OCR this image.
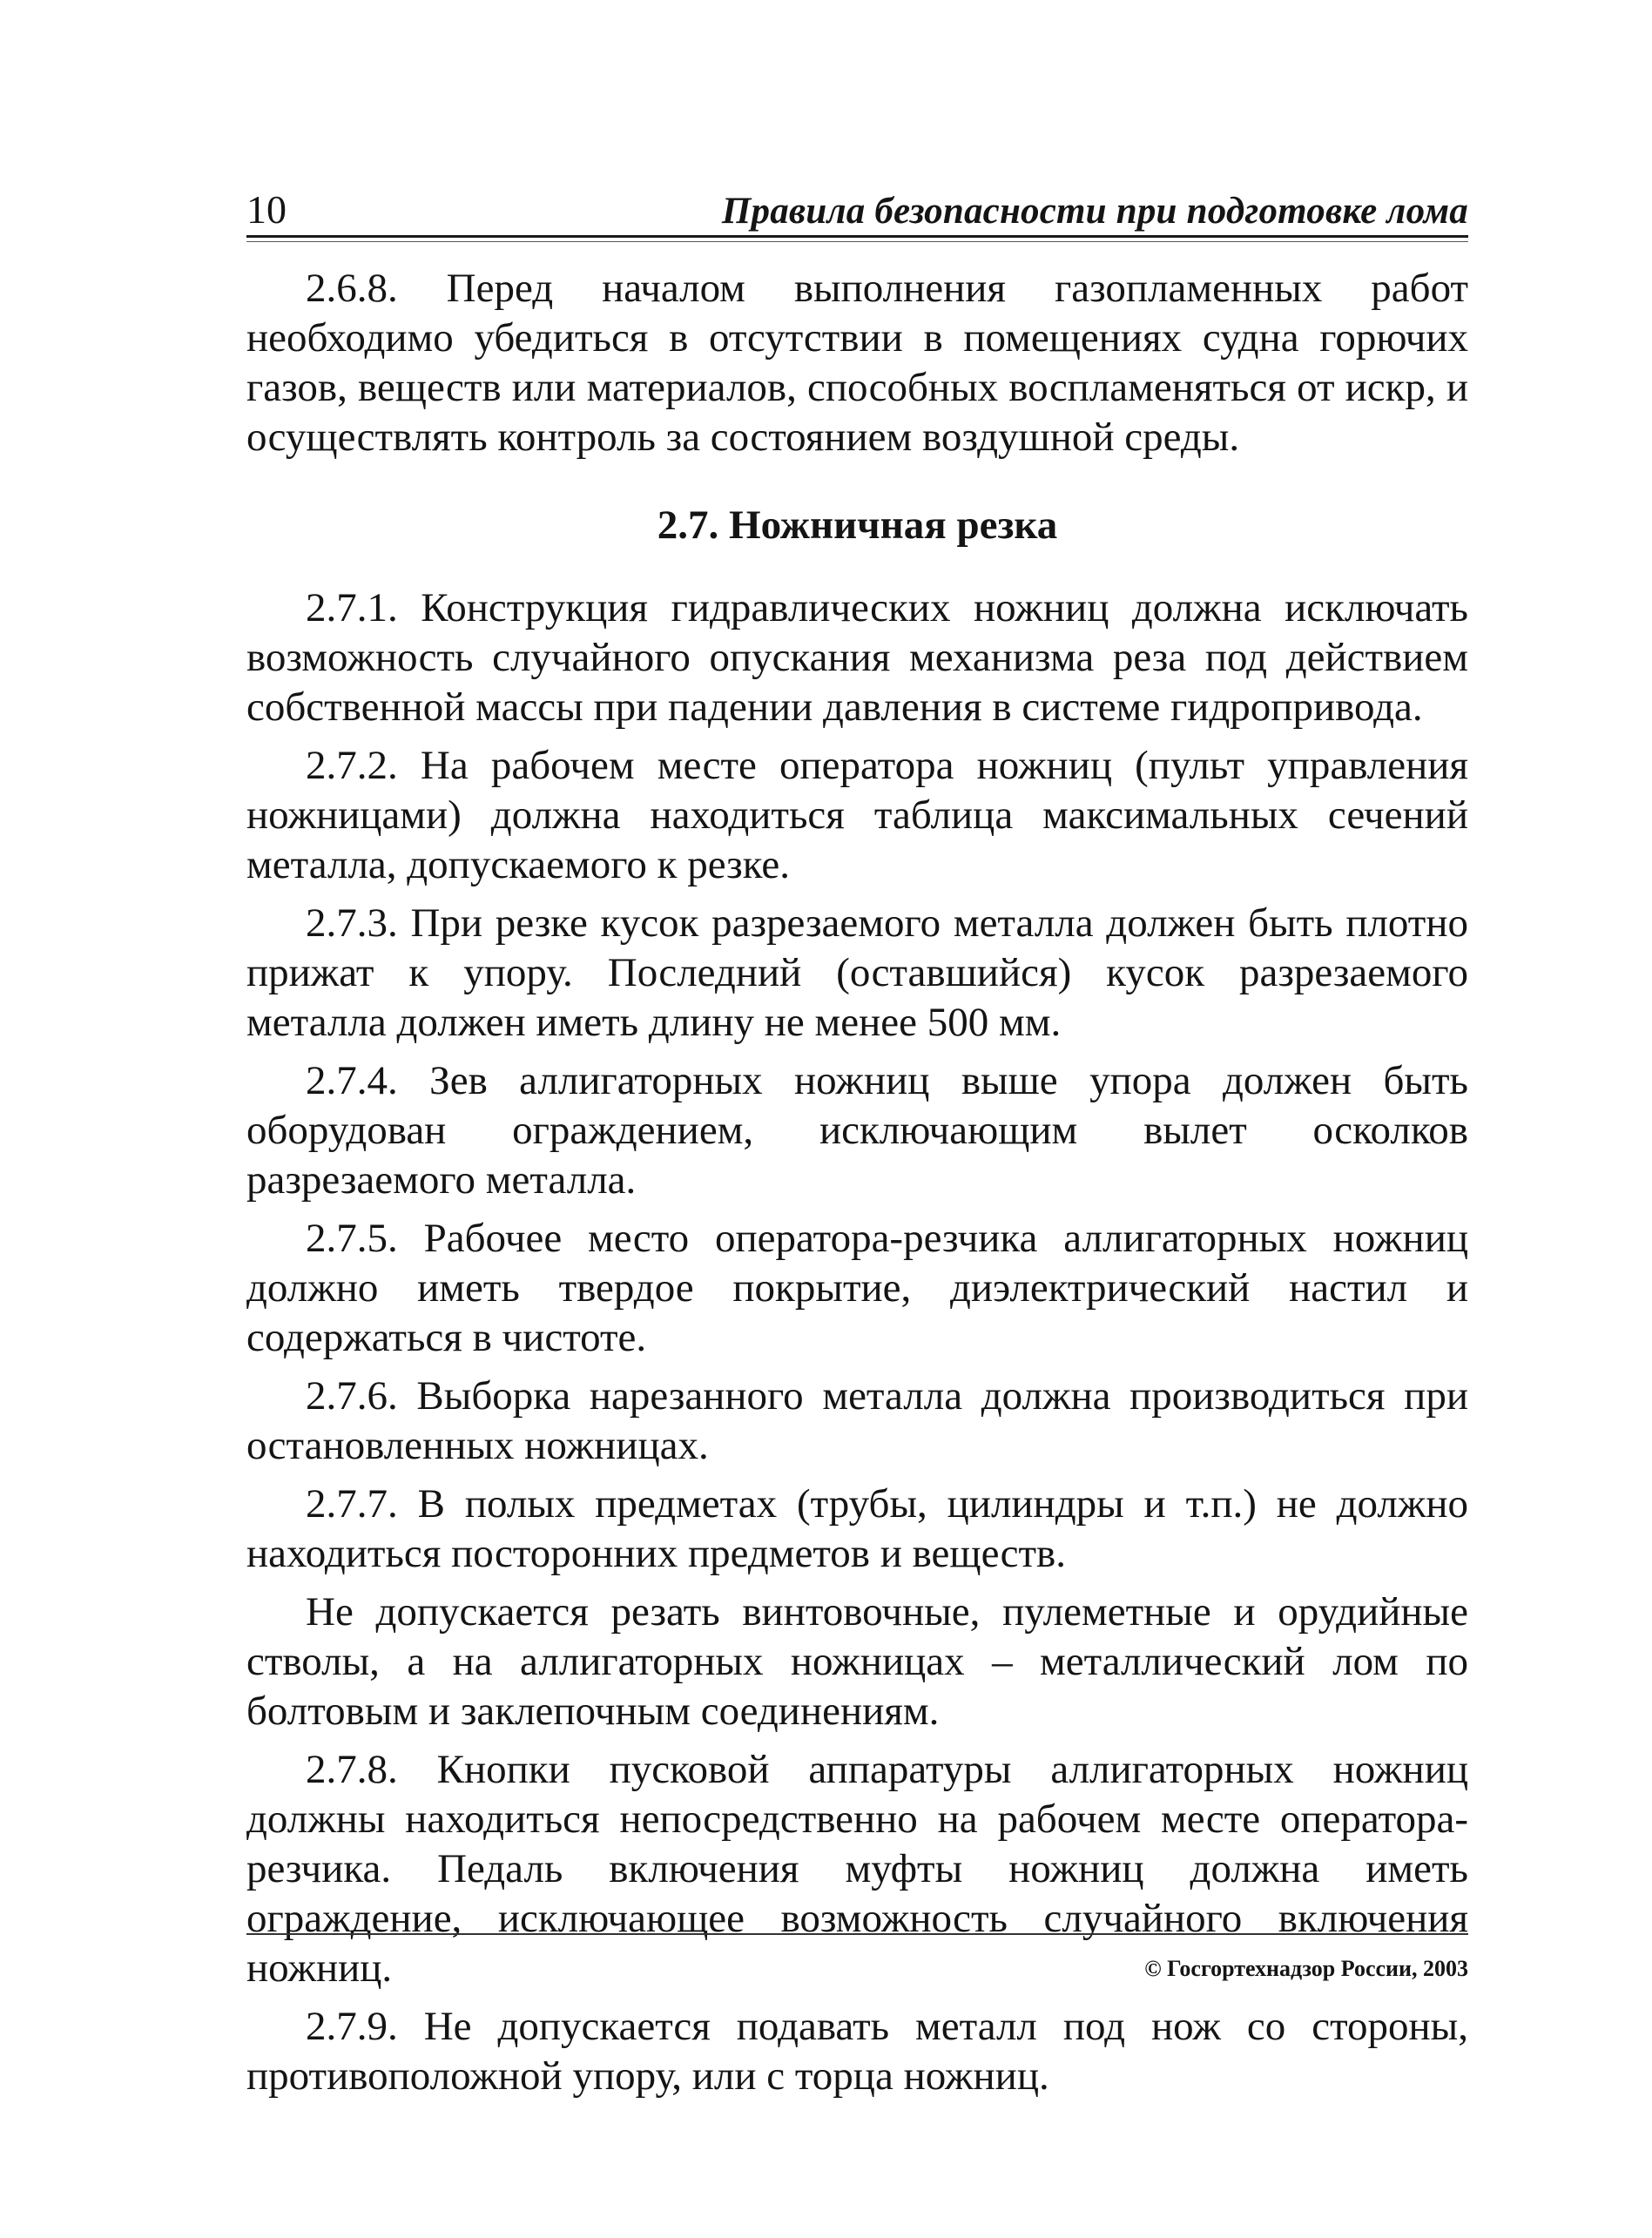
10	Правила безопасности при подготовке лома

2.6.8. Перед началом выполнения газопламенных работ необходимо убедиться в отсутствии в помещениях судна горючих газов, веществ или материалов, способных воспламеняться от искр, и осуществлять контроль за состоянием воздушной среды.

2.7. Ножничная резка

2.7.1. Конструкция гидравлических ножниц должна исключать возможность случайного опускания механизма реза под действием собственной массы при падении давления в системе гидропривода.

2.7.2. На рабочем месте оператора ножниц (пульт управления ножницами) должна находиться таблица максимальных сечений металла, допускаемого к резке.

2.7.3. При резке кусок разрезаемого металла должен быть плотно прижат к упору. Последний (оставшийся) кусок разрезаемого металла должен иметь длину не менее 500 мм.

2.7.4. Зев аллигаторных ножниц выше упора должен быть оборудован ограждением, исключающим вылет осколков разрезаемого металла.

2.7.5. Рабочее место оператора-резчика аллигаторных ножниц должно иметь твердое покрытие, диэлектрический настил и содержаться в чистоте.

2.7.6. Выборка нарезанного металла должна производиться при остановленных ножницах.

2.7.7. В полых предметах (трубы, цилиндры и т.п.) не должно находиться посторонних предметов и веществ.

Не допускается резать винтовочные, пулеметные и орудийные стволы, а на аллигаторных ножницах – металлический лом по болтовым и заклепочным соединениям.

2.7.8. Кнопки пусковой аппаратуры аллигаторных ножниц должны находиться непосредственно на рабочем месте оператора-резчика. Педаль включения муфты ножниц должна иметь ограждение, исключающее возможность случайного включения ножниц.

2.7.9. Не допускается подавать металл под нож со стороны, противоположной упору, или с торца ножниц.

© Госгортехнадзор России, 2003
